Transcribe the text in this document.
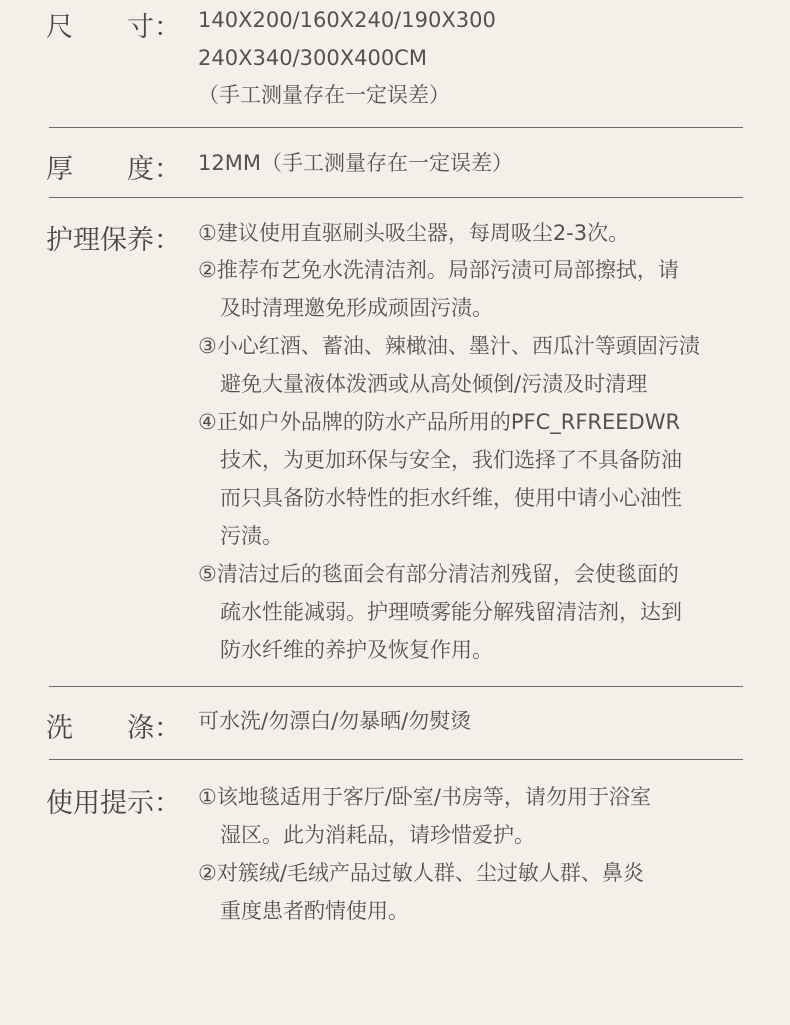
尺　　寸： 140X200/160X240/190X300
240X340/300X400CM
（手工测量存在一定误差）
厚　　度： 12MM（手工测量存在一定误差）
护理保养： ①建议使用直驱刷头吸尘器，每周吸尘2-3次。
②推荐布艺免水洗清洁剂。局部污渍可局部擦拭，请
及时清理邀免形成顽固污渍。
③小心红酒、蓄油、辣橄油、墨汁、西瓜汁等頭固污渍
避免大量液体泼洒或从高处倾倒/污渍及时清理
④正如户外品牌的防水产品所用的PFC_RFREEDWR
技术，为更加环保与安全，我们选择了不具备防油
而只具备防水特性的拒水纤维，使用中请小心油性
污渍。
⑤清洁过后的毯面会有部分清洁剂残留，会使毯面的
疏水性能减弱。护理喷雾能分解残留清洁剂，达到
防水纤维的养护及恢复作用。
洗　　涤： 可水洗/勿漂白/勿暴晒/勿熨烫
使用提示： ①该地毯适用于客厅/卧室/书房等，请勿用于浴室
湿区。此为消耗品，请珍惜爱护。
②对簇绒/毛绒产品过敏人群、尘过敏人群、鼻炎
重度患者酌情使用。
